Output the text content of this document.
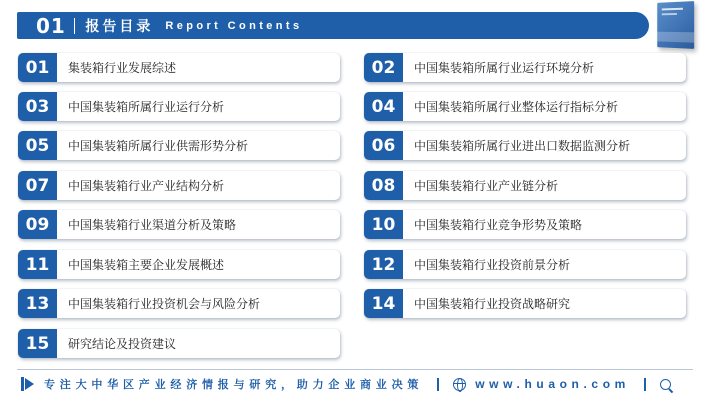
01 报告目录 Report Contents
01	集装箱行业发展综述
03	中国集装箱所属行业运行分析
05	中国集装箱所属行业供需形势分析
07	中国集装箱行业产业结构分析
09	中国集装箱行业渠道分析及策略
11	中国集装箱主要企业发展概述
13	中国集装箱行业投资机会与风险分析
15	研究结论及投资建议
02	中国集装箱所属行业运行环境分析
04	中国集装箱所属行业整体运行指标分析
06	中国集装箱所属行业进出口数据监测分析
08	中国集装箱行业产业链分析
10	中国集装箱行业竞争形势及策略
12	中国集装箱行业投资前景分析
14	中国集装箱行业投资战略研究
专注大中华区产业经济情报与研究，助力企业商业决策	www.huaon.com
